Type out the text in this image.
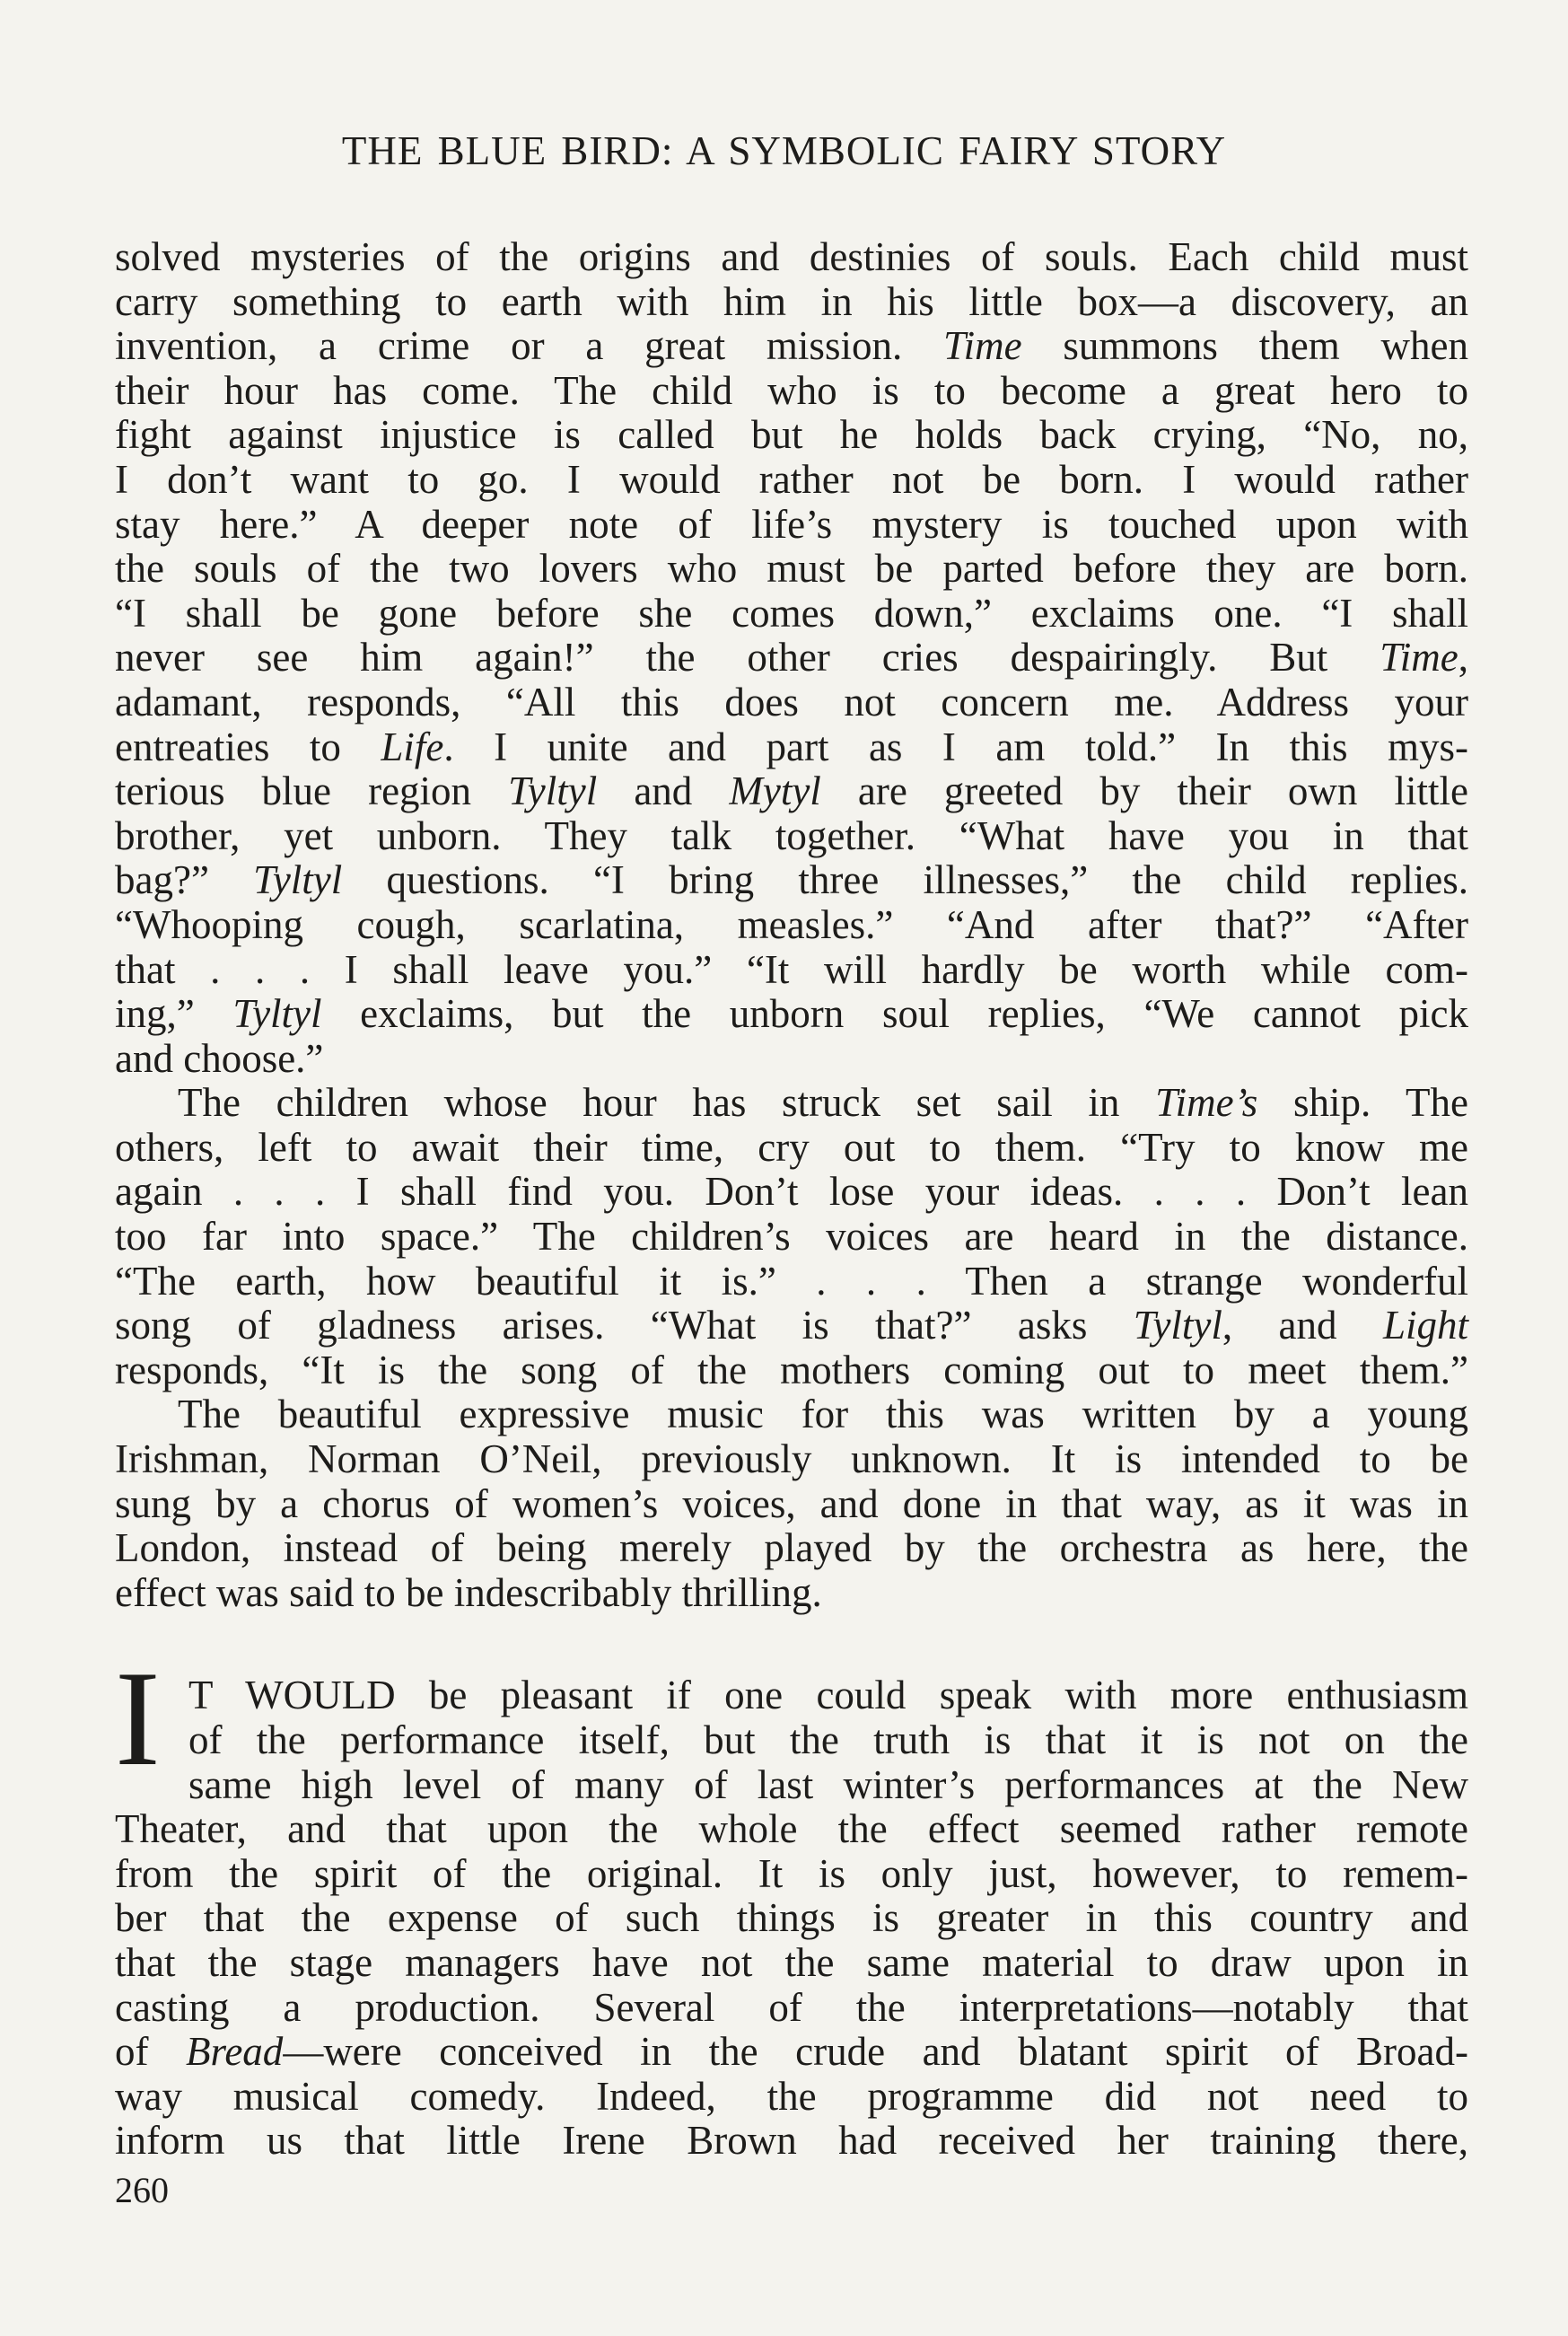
THE BLUE BIRD: A SYMBOLIC FAIRY STORY
solved mysteries of the origins and destinies of souls. Each child must
carry something to earth with him in his little box—a discovery, an
invention, a crime or a great mission. Time summons them when
their hour has come. The child who is to become a great hero to
fight against injustice is called but he holds back crying, “No, no,
I don’t want to go. I would rather not be born. I would rather
stay here.” A deeper note of life’s mystery is touched upon with
the souls of the two lovers who must be parted before they are born.
“I shall be gone before she comes down,” exclaims one. “I shall
never see him again!” the other cries despairingly. But Time,
adamant, responds, “All this does not concern me. Address your
entreaties to Life. I unite and part as I am told.” In this mys-
terious blue region Tyltyl and Mytyl are greeted by their own little
brother, yet unborn. They talk together. “What have you in that
bag?” Tyltyl questions. “I bring three illnesses,” the child replies.
“Whooping cough, scarlatina, measles.” “And after that?” “After
that . . . I shall leave you.” “It will hardly be worth while com-
ing,” Tyltyl exclaims, but the unborn soul replies, “We cannot pick
and choose.”
The children whose hour has struck set sail in Time’s ship. The
others, left to await their time, cry out to them. “Try to know me
again . . . I shall find you. Don’t lose your ideas. . . . Don’t lean
too far into space.” The children’s voices are heard in the distance.
“The earth, how beautiful it is.” . . . Then a strange wonderful
song of gladness arises. “What is that?” asks Tyltyl, and Light
responds, “It is the song of the mothers coming out to meet them.”
The beautiful expressive music for this was written by a young
Irishman, Norman O’Neil, previously unknown. It is intended to be
sung by a chorus of women’s voices, and done in that way, as it was in
London, instead of being merely played by the orchestra as here, the
effect was said to be indescribably thrilling.
T WOULD be pleasant if one could speak with more enthusiasm
of the performance itself, but the truth is that it is not on the
same high level of many of last winter’s performances at the New
Theater, and that upon the whole the effect seemed rather remote
from the spirit of the original. It is only just, however, to remem-
ber that the expense of such things is greater in this country and
that the stage managers have not the same material to draw upon in
casting a production. Several of the interpretations—notably that
of Bread—were conceived in the crude and blatant spirit of Broad-
way musical comedy. Indeed, the programme did not need to
inform us that little Irene Brown had received her training there,
I
260
